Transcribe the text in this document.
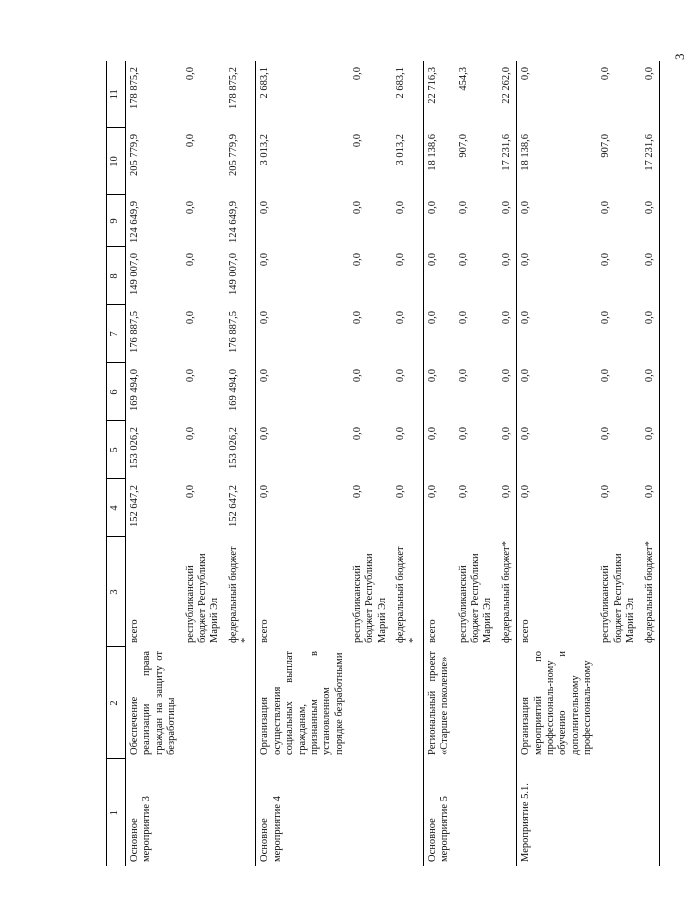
3
1	2	3	4	5	6	7	8	9	10	11
Основное мероприятие 3	Обеспечение реализации права граждан на защиту от безработицы	всего	152 647,2	153 026,2	169 494,0	176 887,5	149 007,0	124 649,9	205 779,9	178 875,2
		республиканский бюджет Республики Марий Эл	0,0	0,0	0,0	0,0	0,0	0,0	0,0	0,0
		федеральный бюджет *	152 647,2	153 026,2	169 494,0	176 887,5	149 007,0	124 649,9	205 779,9	178 875,2
Основное мероприятие 4	Организация осуществления социальных выплат гражданам, признанным в установленном порядке безработными	всего	0,0	0,0	0,0	0,0	0,0	0,0	3 013,2	2 683,1
		республиканский бюджет Республики Марий Эл	0,0	0,0	0,0	0,0	0,0	0,0	0,0	0,0
		федеральный бюджет *	0,0	0,0	0,0	0,0	0,0	0,0	3 013,2	2 683,1
Основное мероприятие 5	Региональный проект «Старшее поколение»	всего	0,0	0,0	0,0	0,0	0,0	0,0	18 138,6	22 716,3
		республиканский бюджет Республики Марий Эл	0,0	0,0	0,0	0,0	0,0	0,0	907,0	454,3
		федеральный бюджет*	0,0	0,0	0,0	0,0	0,0	0,0	17 231,6	22 262,0
Мероприятие 5.1.	Организация мероприятий по профессиональ-ному обучению и дополнительному профессиональ-ному	всего	0,0	0,0	0,0	0,0	0,0	0,0	18 138,6	0,0
		республиканский бюджет Республики Марий Эл	0,0	0,0	0,0	0,0	0,0	0,0	907,0	0,0
		федеральный бюджет*	0,0	0,0	0,0	0,0	0,0	0,0	17 231,6	0,0
